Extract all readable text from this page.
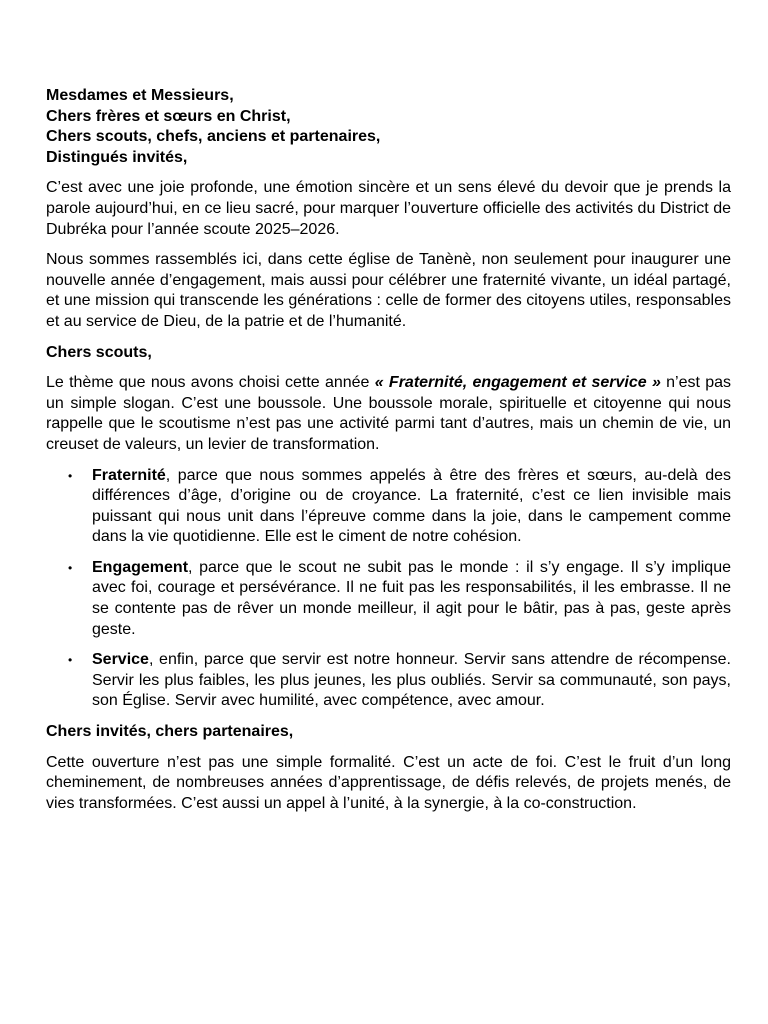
Mesdames et Messieurs,
Chers frères et sœurs en Christ,
Chers scouts, chefs, anciens et partenaires,
Distingués invités,

C’est avec une joie profonde, une émotion sincère et un sens élevé du devoir que je prends la parole aujourd’hui, en ce lieu sacré, pour marquer l’ouverture officielle des activités du District de Dubréka pour l’année scoute 2025–2026.

Nous sommes rassemblés ici, dans cette église de Tanènè, non seulement pour inaugurer une nouvelle année d’engagement, mais aussi pour célébrer une fraternité vivante, un idéal partagé, et une mission qui transcende les générations : celle de former des citoyens utiles, responsables et au service de Dieu, de la patrie et de l’humanité.

Chers scouts,

Le thème que nous avons choisi cette année « Fraternité, engagement et service » n’est pas un simple slogan. C’est une boussole. Une boussole morale, spirituelle et citoyenne qui nous rappelle que le scoutisme n’est pas une activité parmi tant d’autres, mais un chemin de vie, un creuset de valeurs, un levier de transformation.

• Fraternité, parce que nous sommes appelés à être des frères et sœurs, au-delà des différences d’âge, d’origine ou de croyance. La fraternité, c’est ce lien invisible mais puissant qui nous unit dans l’épreuve comme dans la joie, dans le campement comme dans la vie quotidienne. Elle est le ciment de notre cohésion.
• Engagement, parce que le scout ne subit pas le monde : il s’y engage. Il s’y implique avec foi, courage et persévérance. Il ne fuit pas les responsabilités, il les embrasse. Il ne se contente pas de rêver un monde meilleur, il agit pour le bâtir, pas à pas, geste après geste.
• Service, enfin, parce que servir est notre honneur. Servir sans attendre de récompense. Servir les plus faibles, les plus jeunes, les plus oubliés. Servir sa communauté, son pays, son Église. Servir avec humilité, avec compétence, avec amour.

Chers invités, chers partenaires,

Cette ouverture n’est pas une simple formalité. C’est un acte de foi. C’est le fruit d’un long cheminement, de nombreuses années d’apprentissage, de défis relevés, de projets menés, de vies transformées. C’est aussi un appel à l’unité, à la synergie, à la co-construction.
